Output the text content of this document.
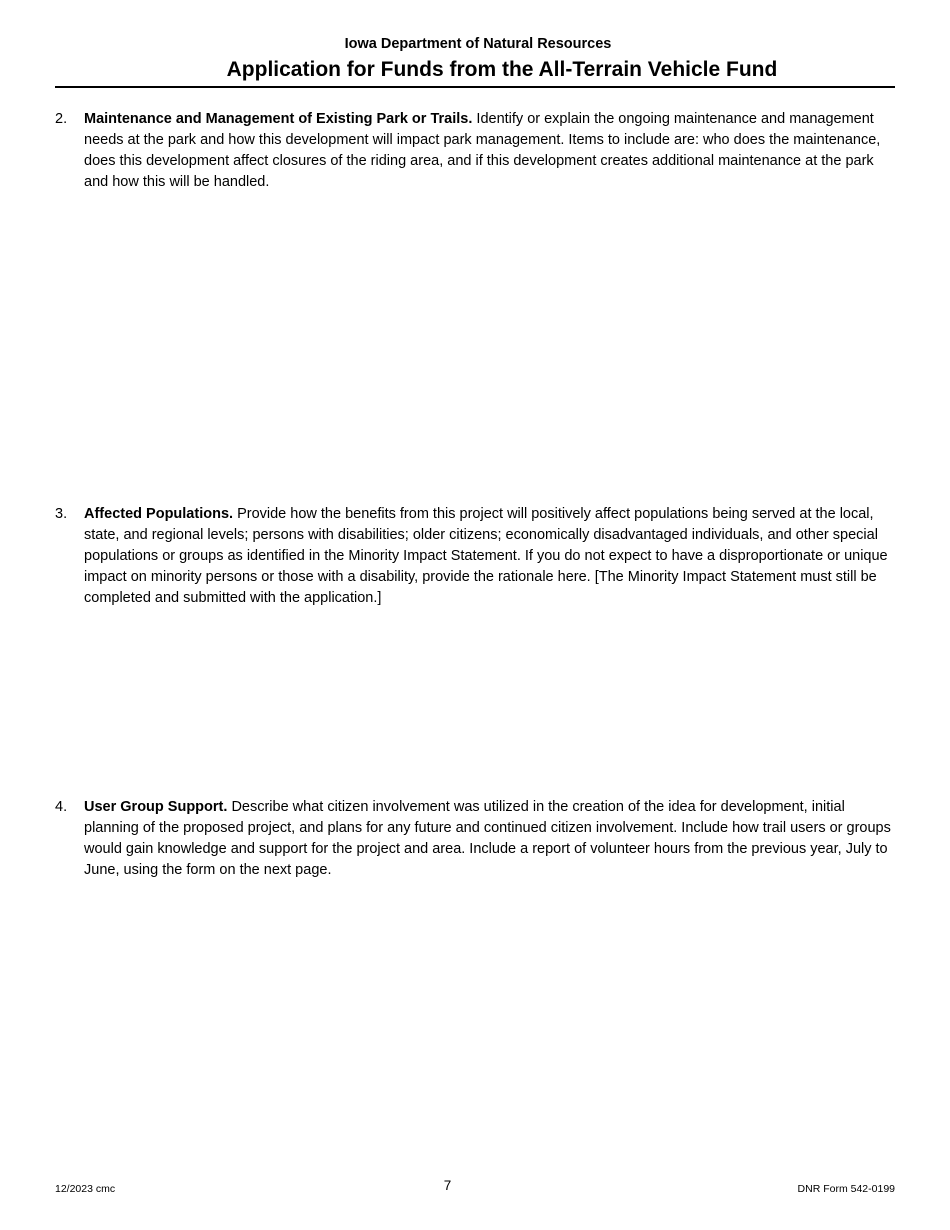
Iowa Department of Natural Resources
Application for Funds from the All-Terrain Vehicle Fund
2.	Maintenance and Management of Existing Park or Trails. Identify or explain the ongoing maintenance and management needs at the park and how this development will impact park management. Items to include are: who does the maintenance, does this development affect closures of the riding area, and if this development creates additional maintenance at the park and how this will be handled.
3.	Affected Populations. Provide how the benefits from this project will positively affect populations being served at the local, state, and regional levels; persons with disabilities; older citizens; economically disadvantaged individuals, and other special populations or groups as identified in the Minority Impact Statement. If you do not expect to have a disproportionate or unique impact on minority persons or those with a disability, provide the rationale here. [The Minority Impact Statement must still be completed and submitted with the application.]
4.	User Group Support. Describe what citizen involvement was utilized in the creation of the idea for development, initial planning of the proposed project, and plans for any future and continued citizen involvement. Include how trail users or groups would gain knowledge and support for the project and area. Include a report of volunteer hours from the previous year, July to June, using the form on the next page.
12/2023 cmc	7	DNR Form 542-0199
